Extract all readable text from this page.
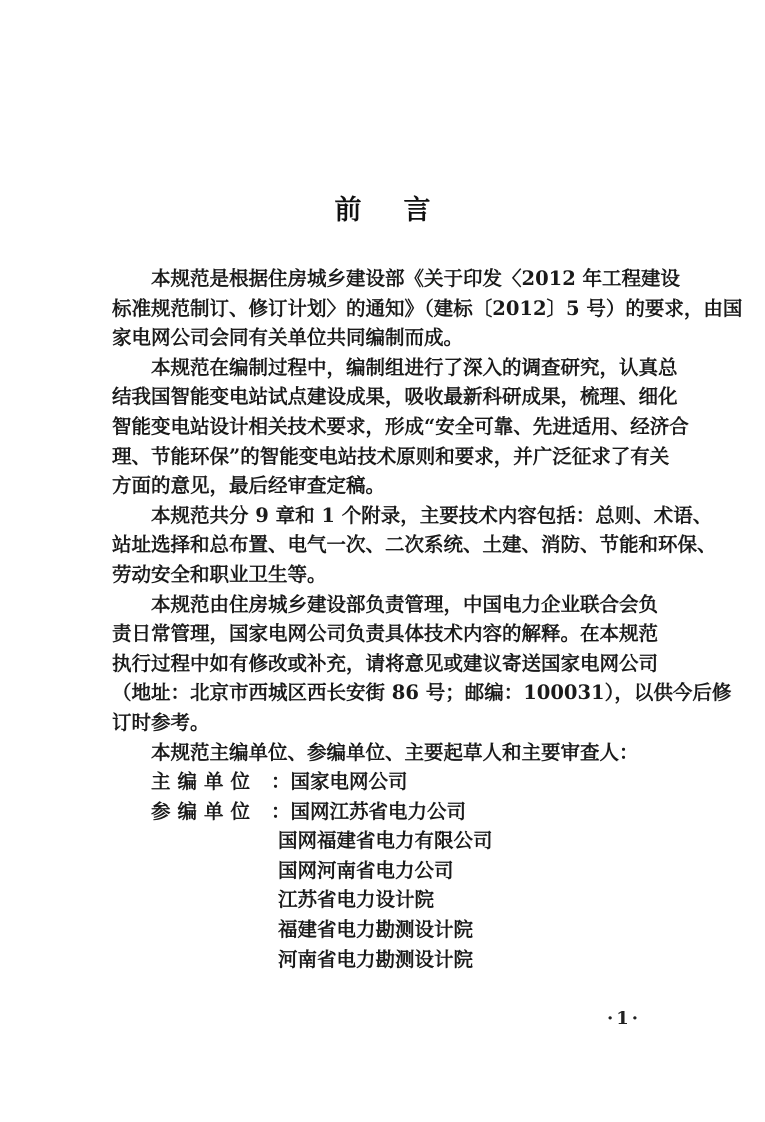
前言

本规范是根据住房城乡建设部《关于印发〈2012 年工程建设
标准规范制订、修订计划〉的通知》（建标〔2012〕5 号）的要求，由国
家电网公司会同有关单位共同编制而成。

本规范在编制过程中，编制组进行了深入的调查研究，认真总
结我国智能变电站试点建设成果，吸收最新科研成果，梳理、细化
智能变电站设计相关技术要求，形成“安全可靠、先进适用、经济合
理、节能环保”的智能变电站技术原则和要求，并广泛征求了有关
方面的意见，最后经审查定稿。

本规范共分 9 章和 1 个附录，主要技术内容包括：总则、术语、
站址选择和总布置、电气一次、二次系统、土建、消防、节能和环保、
劳动安全和职业卫生等。

本规范由住房城乡建设部负责管理，中国电力企业联合会负
责日常管理，国家电网公司负责具体技术内容的解释。在本规范
执行过程中如有修改或补充，请将意见或建议寄送国家电网公司
（地址：北京市西城区西长安街 86 号；邮编：100031），以供今后修
订时参考。

本规范主编单位、参编单位、主要起草人和主要审查人：
主编单位 ： 国家电网公司
参编单位 ： 国网江苏省电力公司
国网福建省电力有限公司
国网河南省电力公司
江苏省电力设计院
福建省电力勘测设计院
河南省电力勘测设计院
·1·
